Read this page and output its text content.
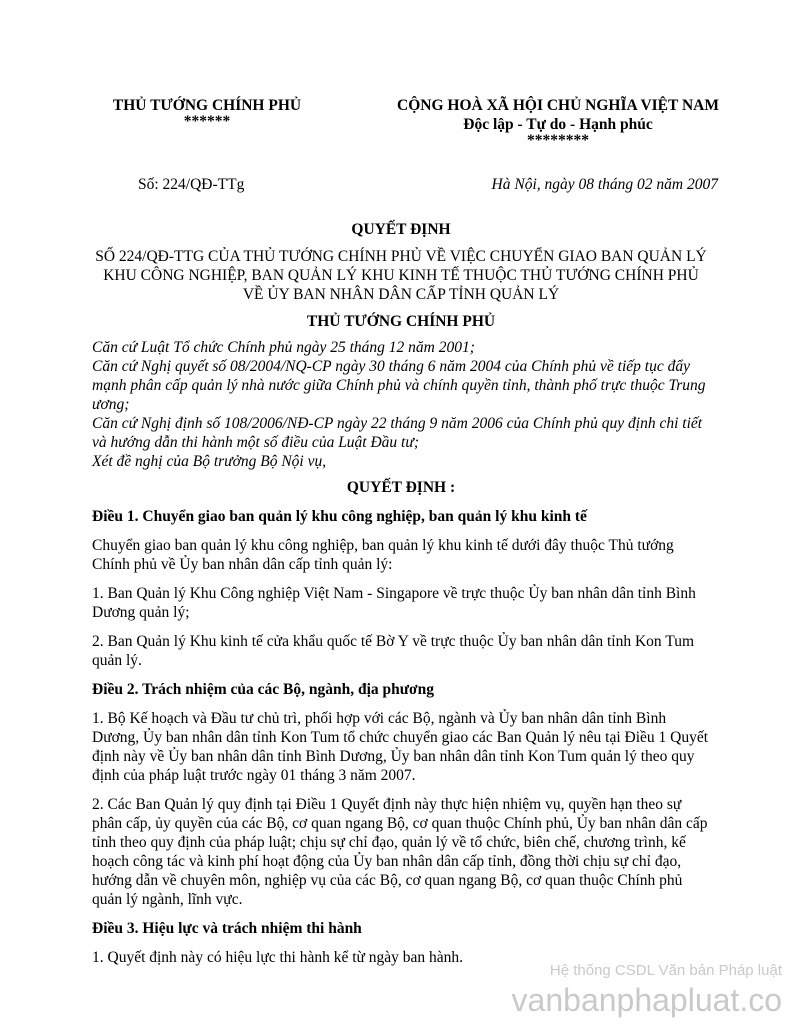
THỦ TƯỚNG CHÍNH PHỦ
******
CỘNG HOÀ XÃ HỘI CHỦ NGHĨA VIỆT NAM
Độc lập - Tự do - Hạnh phúc
********
Số: 224/QĐ-TTg	Hà Nội, ngày 08 tháng 02 năm 2007
QUYẾT ĐỊNH
SỐ 224/QĐ-TTG CỦA THỦ TƯỚNG CHÍNH PHỦ VỀ VIỆC CHUYỂN GIAO BAN QUẢN LÝ KHU CÔNG NGHIỆP, BAN QUẢN LÝ KHU KINH TẾ THUỘC THỦ TƯỚNG CHÍNH PHỦ VỀ ỦY BAN NHÂN DÂN CẤP TỈNH QUẢN LÝ
THỦ TƯỚNG CHÍNH PHỦ

Căn cứ Luật Tổ chức Chính phủ ngày 25 tháng 12 năm 2001;

Căn cứ Nghị quyết số 08/2004/NQ-CP ngày 30 tháng 6 năm 2004 của Chính phủ về tiếp tục đẩy mạnh phân cấp quản lý nhà nước giữa Chính phủ và chính quyền tỉnh, thành phố trực thuộc Trung ương;

Căn cứ Nghị định số 108/2006/NĐ-CP ngày 22 tháng 9 năm 2006 của Chính phủ quy định chi tiết và hướng dẫn thi hành một số điều của Luật Đầu tư;

Xét đề nghị của Bộ trưởng Bộ Nội vụ,

QUYẾT ĐỊNH :
Điều 1. Chuyển giao ban quản lý khu công nghiệp, ban quản lý khu kinh tế

Chuyển giao ban quản lý khu công nghiệp, ban quản lý khu kinh tế dưới đây thuộc Thủ tướng Chính phủ về Ủy ban nhân dân cấp tỉnh quản lý:

1. Ban Quản lý Khu Công nghiệp Việt Nam - Singapore về trực thuộc Ủy ban nhân dân tỉnh Bình Dương quản lý;

2. Ban Quản lý Khu kinh tế cửa khẩu quốc tế Bờ Y về trực thuộc Ủy ban nhân dân tỉnh Kon Tum quản lý.

Điều 2. Trách nhiệm của các Bộ, ngành, địa phương

1. Bộ Kế hoạch và Đầu tư chủ trì, phối hợp với các Bộ, ngành và Ủy ban nhân dân tỉnh Bình Dương, Ủy ban nhân dân tỉnh Kon Tum tổ chức chuyển giao các Ban Quản lý nêu tại Điều 1 Quyết định này về Ủy ban nhân dân tỉnh Bình Dương, Ủy ban nhân dân tỉnh Kon Tum quản lý theo quy định của pháp luật trước ngày 01 tháng 3 năm 2007.

2. Các Ban Quản lý quy định tại Điều 1 Quyết định này thực hiện nhiệm vụ, quyền hạn theo sự phân cấp, ủy quyền của các Bộ, cơ quan ngang Bộ, cơ quan thuộc Chính phủ, Ủy ban nhân dân cấp tỉnh theo quy định của pháp luật; chịu sự chỉ đạo, quản lý về tổ chức, biên chế, chương trình, kế hoạch công tác và kinh phí hoạt động của Ủy ban nhân dân cấp tỉnh, đồng thời chịu sự chỉ đạo, hướng dẫn về chuyên môn, nghiệp vụ của các Bộ, cơ quan ngang Bộ, cơ quan thuộc Chính phủ quản lý ngành, lĩnh vực.

Điều 3. Hiệu lực và trách nhiệm thi hành

1. Quyết định này có hiệu lực thi hành kể từ ngày ban hành.

Hệ thống CSDL Văn bản Pháp luật
vanbanphapluat.co
